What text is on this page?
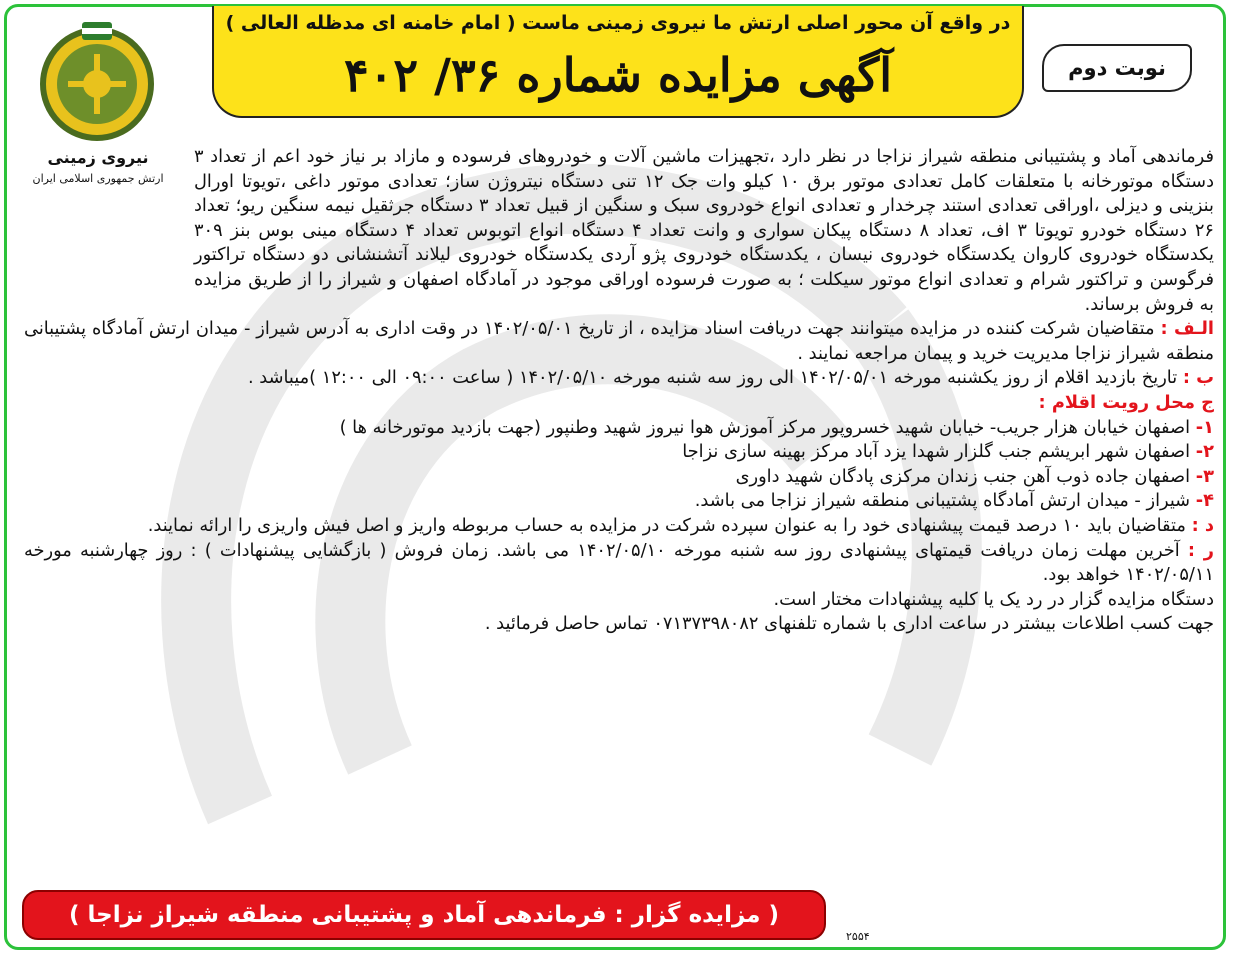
در واقع آن محور اصلی ارتش ما نیروی زمینی ماست ( امام خامنه ای مدظله العالی )
آگهی مزایده شماره ۳۶/ ۴۰۲	نوبت دوم
نیروی زمینی
ارتش جمهوری اسلامی ایران

فرماندهی آماد و پشتیبانی منطقه شیراز نزاجا در نظر دارد ،تجهیزات ماشین آلات و خودروهای فرسوده و مازاد بر نیاز خود اعم از تعداد ۳ دستگاه موتورخانه با متعلقات کامل تعدادی موتور برق ۱۰ کیلو وات جک ۱۲ تنی دستگاه نیتروژن ساز؛ تعدادی موتور داغی ،تویوتا اورال بنزینی و دیزلی ،اوراقی تعدادی استند چرخدار و تعدادی انواع خودروی سبک و سنگین از قبیل تعداد ۳ دستگاه جرثقیل نیمه سنگین ریو؛ تعداد ۲۶ دستگاه خودرو تویوتا ۳ اف، تعداد ۸ دستگاه پیکان سواری و وانت تعداد ۴ دستگاه انواع اتوبوس تعداد ۴ دستگاه مینی بوس بنز ۳۰۹ یکدستگاه خودروی کاروان یکدستگاه خودروی نیسان ، یکدستگاه خودروی پژو آردی یکدستگاه خودروی لیلاند آتشنشانی دو دستگاه تراکتور فرگوسن و تراکتور شرام و تعدادی انواع موتور سیکلت ؛ به صورت فرسوده اوراقی موجود در آمادگاه اصفهان و شیراز را از طریق مزایده به فروش برساند.

الـف : متقاضیان شرکت کننده در مزایده میتوانند جهت دریافت اسناد مزایده ، از تاریخ ۱۴۰۲/۰۵/۰۱ در وقت اداری به آدرس شیراز - میدان ارتش آمادگاه پشتیبانی منطقه شیراز نزاجا مدیریت خرید و پیمان مراجعه نمایند .

ب : تاریخ بازدید اقلام از روز یکشنبه مورخه ۱۴۰۲/۰۵/۰۱ الی روز سه شنبه مورخه ۱۴۰۲/۰۵/۱۰ ( ساعت ۰۹:۰۰ الی ۱۲:۰۰ )میباشد .

ج محل رویت اقلام :

۱- اصفهان خیابان هزار جریب- خیابان شهید خسروپور مرکز آموزش هوا نیروز شهید وطنپور (جهت بازدید موتورخانه ها )

۲- اصفهان شهر ابریشم جنب گلزار شهدا یزد آباد مرکز بهینه سازی نزاجا

۳- اصفهان جاده ذوب آهن جنب زندان مرکزی پادگان شهید داوری

۴- شیراز - میدان ارتش آمادگاه پشتیبانی منطقه شیراز نزاجا می باشد.

د : متقاضیان باید ۱۰ درصد قیمت پیشنهادی خود را به عنوان سپرده شرکت در مزایده به حساب مربوطه واریز و اصل فیش واریزی را ارائه نمایند.

ر : آخرین مهلت زمان دریافت قیمتهای پیشنهادی روز سه شنبه مورخه ۱۴۰۲/۰۵/۱۰ می باشد. زمان فروش ( بازگشایی پیشنهادات ) : روز چهارشنبه مورخه ۱۴۰۲/۰۵/۱۱ خواهد بود.

دستگاه مزایده گزار در رد یک یا کلیه پیشنهادات مختار است.

جهت کسب اطلاعات بیشتر در ساعت اداری با شماره تلفنهای ۰۷۱۳۷۳۹۸۰۸۲ تماس حاصل فرمائید .

( مزایده گزار : فرماندهی آماد و پشتیبانی منطقه شیراز نزاجا )
۲۵۵۴
